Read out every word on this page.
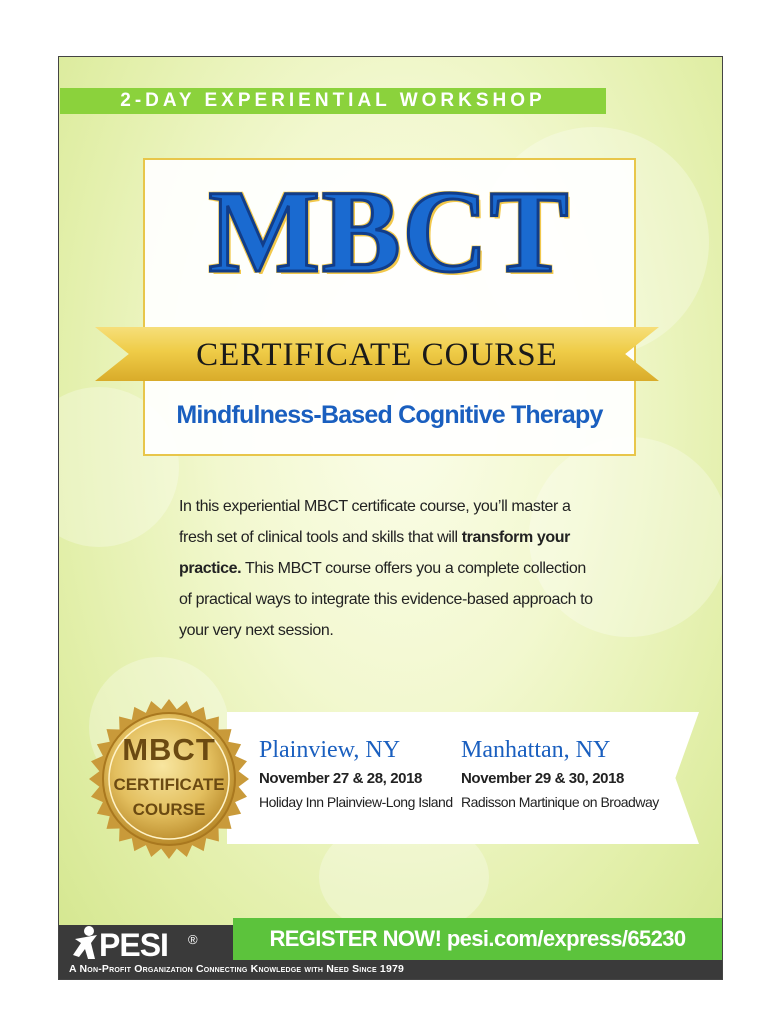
2-DAY EXPERIENTIAL WORKSHOP
MBCT
CERTIFICATE COURSE
Mindfulness-Based Cognitive Therapy
In this experiential MBCT certificate course, you’ll master a fresh set of clinical tools and skills that will transform your practice. This MBCT course offers you a complete collection of practical ways to integrate this evidence-based approach to your very next session.
MBCT
CERTIFICATE
COURSE
Plainview, NY
November 27 & 28, 2018
Holiday Inn Plainview-Long Island
Manhattan, NY
November 29 & 30, 2018
Radisson Martinique on Broadway
REGISTER NOW! pesi.com/express/65230
PESI ®
A Non-Profit Organization Connecting Knowledge with Need Since 1979
